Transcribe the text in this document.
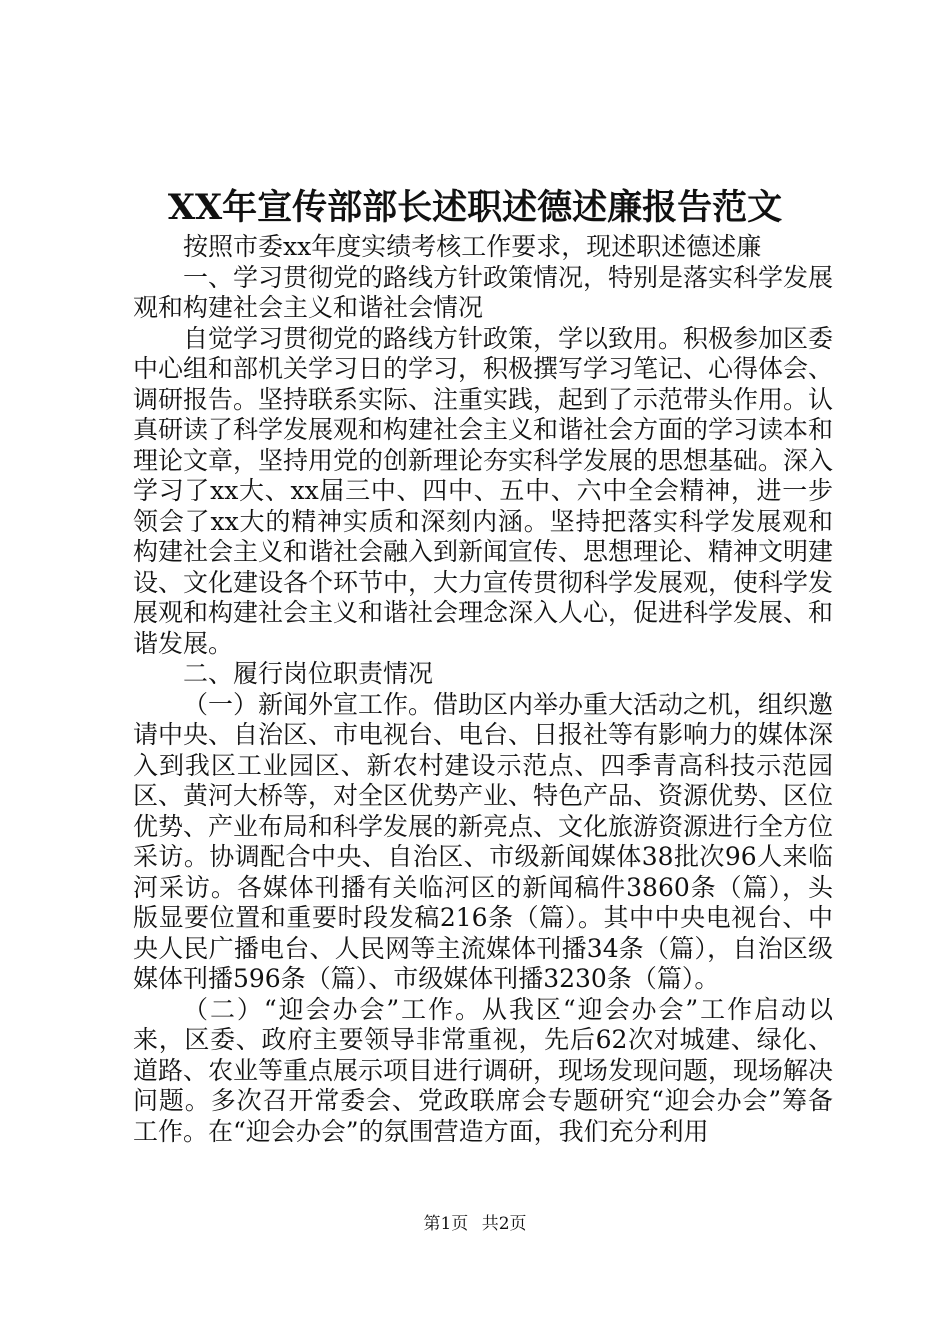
XX年宣传部部长述职述德述廉报告范文

按照市委xx年度实绩考核工作要求，现述职述德述廉

一、学习贯彻党的路线方针政策情况，特别是落实科学发展观和构建社会主义和谐社会情况

自觉学习贯彻党的路线方针政策，学以致用。积极参加区委中心组和部机关学习日的学习，积极撰写学习笔记、心得体会、调研报告。坚持联系实际、注重实践，起到了示范带头作用。认真研读了科学发展观和构建社会主义和谐社会方面的学习读本和理论文章，坚持用党的创新理论夯实科学发展的思想基础。深入学习了xx大、xx届三中、四中、五中、六中全会精神，进一步领会了xx大的精神实质和深刻内涵。坚持把落实科学发展观和构建社会主义和谐社会融入到新闻宣传、思想理论、精神文明建设、文化建设各个环节中，大力宣传贯彻科学发展观，使科学发展观和构建社会主义和谐社会理念深入人心，促进科学发展、和谐发展。

二、履行岗位职责情况

（一）新闻外宣工作。借助区内举办重大活动之机，组织邀请中央、自治区、市电视台、电台、日报社等有影响力的媒体深入到我区工业园区、新农村建设示范点、四季青高科技示范园区、黄河大桥等，对全区优势产业、特色产品、资源优势、区位优势、产业布局和科学发展的新亮点、文化旅游资源进行全方位采访。协调配合中央、自治区、市级新闻媒体38批次96人来临河采访。各媒体刊播有关临河区的新闻稿件3860条（篇），头版显要位置和重要时段发稿216条（篇）。其中中央电视台、中央人民广播电台、人民网等主流媒体刊播34条（篇），自治区级媒体刊播596条（篇）、市级媒体刊播3230条（篇）。

（二）“迎会办会”工作。从我区“迎会办会”工作启动以来，区委、政府主要领导非常重视，先后62次对城建、绿化、道路、农业等重点展示项目进行调研，现场发现问题，现场解决问题。多次召开常委会、党政联席会专题研究“迎会办会”筹备工作。在“迎会办会”的氛围营造方面，我们充分利用

第1页 共2页
